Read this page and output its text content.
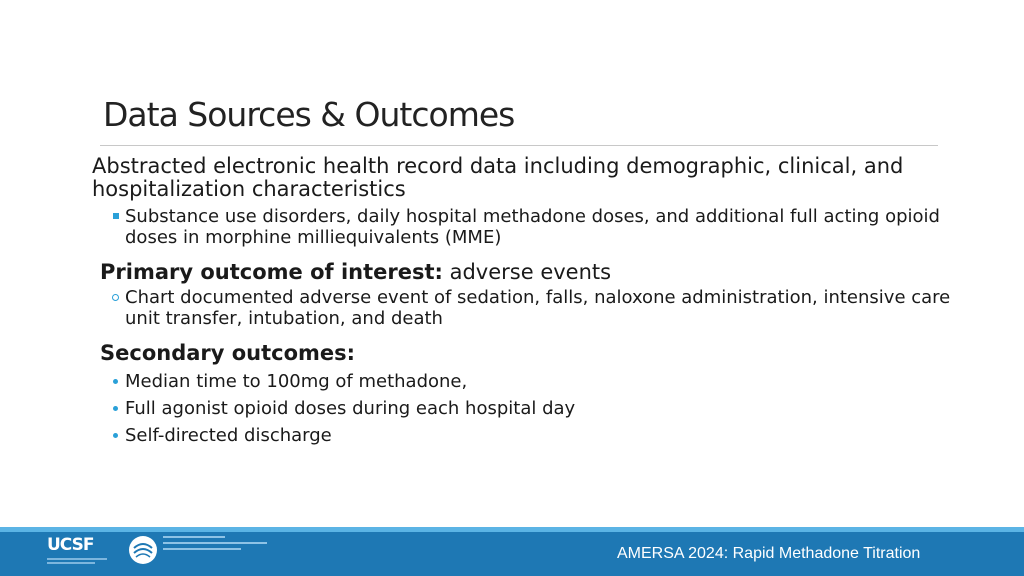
Data Sources & Outcomes

Abstracted electronic health record data including demographic, clinical, and hospitalization characteristics

Substance use disorders, daily hospital methadone doses, and additional full acting opioid doses in morphine milliequivalents (MME)

Primary outcome of interest: adverse events

Chart documented adverse event of sedation, falls, naloxone administration, intensive care unit transfer, intubation, and death

Secondary outcomes:

Median time to 100mg of methadone,
Full agonist opioid doses during each hospital day
Self-directed discharge
UCSF	AMERSA 2024: Rapid Methadone Titration
